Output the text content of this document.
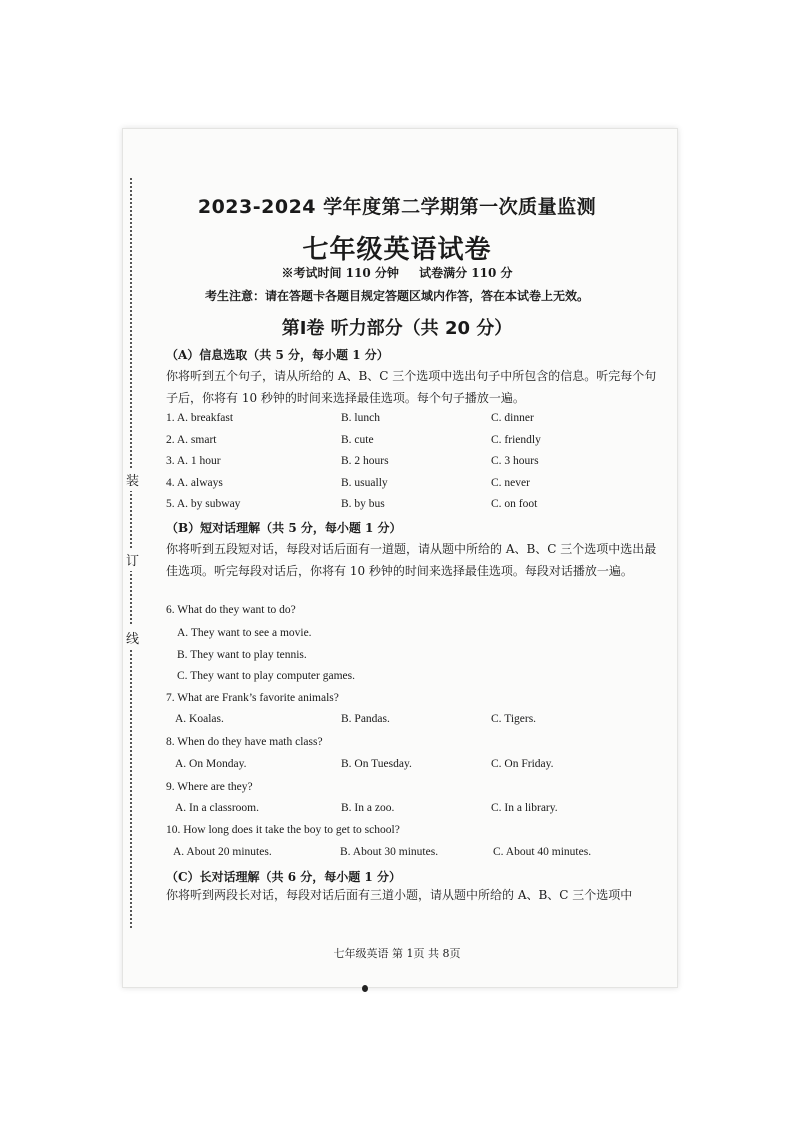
装
订
线
2023-2024 学年度第二学期第一次质量监测
七年级英语试卷
※考试时间 110 分钟 试卷满分 110 分
考生注意：请在答题卡各题目规定答题区域内作答，答在本试卷上无效。
第Ⅰ卷 听力部分（共 20 分）
（A）信息选取（共 5 分，每小题 1 分）
你将听到五个句子，请从所给的 A、B、C 三个选项中选出句子中所包含的信息。听完每个句子后，你将有 10 秒钟的时间来选择最佳选项。每个句子播放一遍。
1. A. breakfast	B. lunch	C. dinner
2. A. smart	B. cute	C. friendly
3. A. 1 hour	B. 2 hours	C. 3 hours
4. A. always	B. usually	C. never
5. A. by subway	B. by bus	C. on foot
（B）短对话理解（共 5 分，每小题 1 分）
你将听到五段短对话，每段对话后面有一道题，请从题中所给的 A、B、C 三个选项中选出最佳选项。听完每段对话后，你将有 10 秒钟的时间来选择最佳选项。每段对话播放一遍。
6. What do they want to do?
A. They want to see a movie.
B. They want to play tennis.
C. They want to play computer games.
7. What are Frank’s favorite animals?
A. Koalas.	B. Pandas.	C. Tigers.
8. When do they have math class?
A. On Monday.	B. On Tuesday.	C. On Friday.
9. Where are they?
A. In a classroom.	B. In a zoo.	C. In a library.
10. How long does it take the boy to get to school?
A. About 20 minutes.	B. About 30 minutes.	C. About 40 minutes.
（C）长对话理解（共 6 分，每小题 1 分）
你将听到两段长对话，每段对话后面有三道小题，请从题中所给的 A、B、C 三个选项中
七年级英语 第 1页 共 8页
